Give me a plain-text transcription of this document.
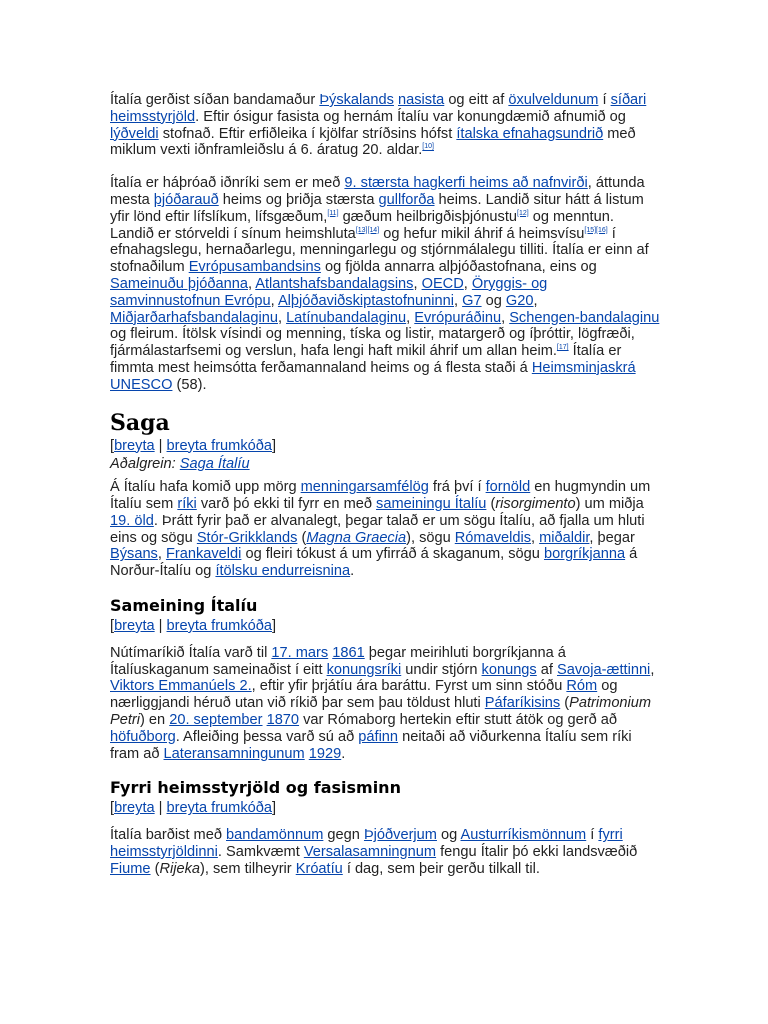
Ítalía gerðist síðan bandamaður Þýskalands nasista og eitt af öxulveldunum í síðari heimsstyrjöld. Eftir ósigur fasista og hernám Ítalíu var konungdæmið afnumið og lýðveldi stofnað. Eftir erfiðleika í kjölfar stríðsins hófst ítalska efnahagsundrið með miklum vexti iðnframleiðslu á 6. áratug 20. aldar.[10]

Ítalía er háþróað iðnríki sem er með 9. stærsta hagkerfi heims að nafnvirði, áttunda mesta þjóðarauð heims og þriðja stærsta gullforða heims. Landið situr hátt á listum yfir lönd eftir lífslíkum, lífsgæðum,[11] gæðum heilbrigðisþjónustu[12] og menntun. Landið er stórveldi í sínum heimshluta[13][14] og hefur mikil áhrif á heimsvísu[15][16] í efnahagslegu, hernaðarlegu, menningarlegu og stjórnmálalegu tilliti. Ítalía er einn af stofnaðilum Evrópusambandsins og fjölda annarra alþjóðastofnana, eins og Sameinuðu þjóðanna, Atlantshafsbandalagsins, OECD, Öryggis- og samvinnustofnun Evrópu, Alþjóðaviðskiptastofnuninni, G7 og G20, Miðjarðarhafsbandalaginu, Latínubandalaginu, Evrópuráðinu, Schengen-bandalaginu og fleirum. Ítölsk vísindi og menning, tíska og listir, matargerð og íþróttir, lögfræði, fjármálastarfsemi og verslun, hafa lengi haft mikil áhrif um allan heim.[17] Ítalía er fimmta mest heimsótta ferðamannaland heims og á flesta staði á Heimsminjaskrá UNESCO (58).

Saga
[breyta | breyta frumkóða]
Aðalgrein: Saga Ítalíu

Á Ítalíu hafa komið upp mörg menningarsamfélög frá því í fornöld en hugmyndin um Ítalíu sem ríki varð þó ekki til fyrr en með sameiningu Ítalíu (risorgimento) um miðja 19. öld. Þrátt fyrir það er alvanalegt, þegar talað er um sögu Ítalíu, að fjalla um hluti eins og sögu Stór-Grikklands (Magna Graecia), sögu Rómaveldis, miðaldir, þegar Býsans, Frankaveldi og fleiri tókust á um yfirráð á skaganum, sögu borgríkjanna á Norður-Ítalíu og ítölsku endurreisnina.

Sameining Ítalíu
[breyta | breyta frumkóða]

Nútímaríkið Ítalía varð til 17. mars 1861 þegar meirihluti borgríkjanna á Ítalíuskaganum sameinaðist í eitt konungsríki undir stjórn konungs af Savoja-ættinni, Viktors Emmanúels 2., eftir yfir þrjátíu ára baráttu. Fyrst um sinn stóðu Róm og nærliggjandi héruð utan við ríkið þar sem þau töldust hluti Páfaríkisins (Patrimonium Petri) en 20. september 1870 var Rómaborg hertekin eftir stutt átök og gerð að höfuðborg. Afleiðing þessa varð sú að páfinn neitaði að viðurkenna Ítalíu sem ríki fram að Lateransamningunum 1929.

Fyrri heimsstyrjöld og fasisminn
[breyta | breyta frumkóða]

Ítalía barðist með bandamönnum gegn Þjóðverjum og Austurríkismönnum í fyrri heimsstyrjöldinni. Samkvæmt Versalasamningnum fengu Ítalir þó ekki landsvæðið Fiume (Rijeka), sem tilheyrir Króatíu í dag, sem þeir gerðu tilkall til.
